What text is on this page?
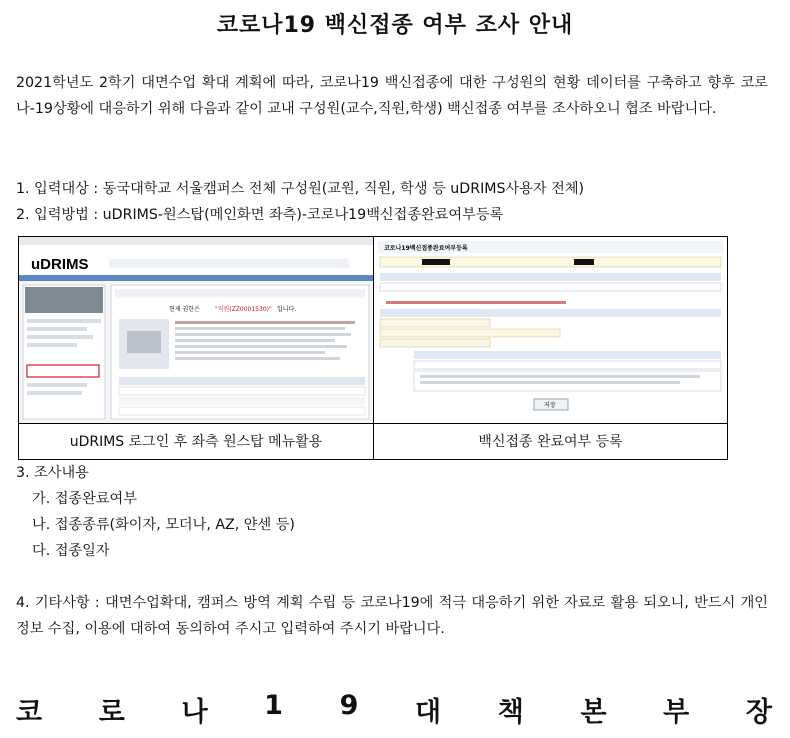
코로나19 백신접종 여부 조사 안내
2021학년도 2학기 대면수업 확대 계획에 따라, 코로나19 백신접종에 대한 구성원의 현황 데이터를 구축하고 향후 코로나-19상황에 대응하기 위해 다음과 같이 교내 구성원(교수,직원,학생) 백신접종 여부를 조사하오니 협조 바랍니다.
1. 입력대상 : 동국대학교 서울캠퍼스 전체 구성원(교원, 직원, 학생 등 uDRIMS사용자 전체)
2. 입력방법 : uDRIMS-원스탑(메인화면 좌측)-코로나19백신접종완료여부등록
uDRIMS
현재 권한은	"직원(ZZ0001530)" 입니다.
코로나19백신접종완료여부등록
저장
uDRIMS 로그인 후 좌측 원스탑 메뉴활용	백신접종 완료여부 등록
3. 조사내용
가. 접종완료여부
나. 접종종류(화이자, 모더나, AZ, 얀센 등)
다. 접종일자
4. 기타사항 : 대면수업확대, 캠퍼스 방역 계획 수립 등 코로나19에 적극 대응하기 위한 자료로 활용 되오니, 반드시 개인정보 수집, 이용에 대하여 동의하여 주시고 입력하여 주시기 바랍니다.
코 로 나 1 9 대 책 본 부 장
